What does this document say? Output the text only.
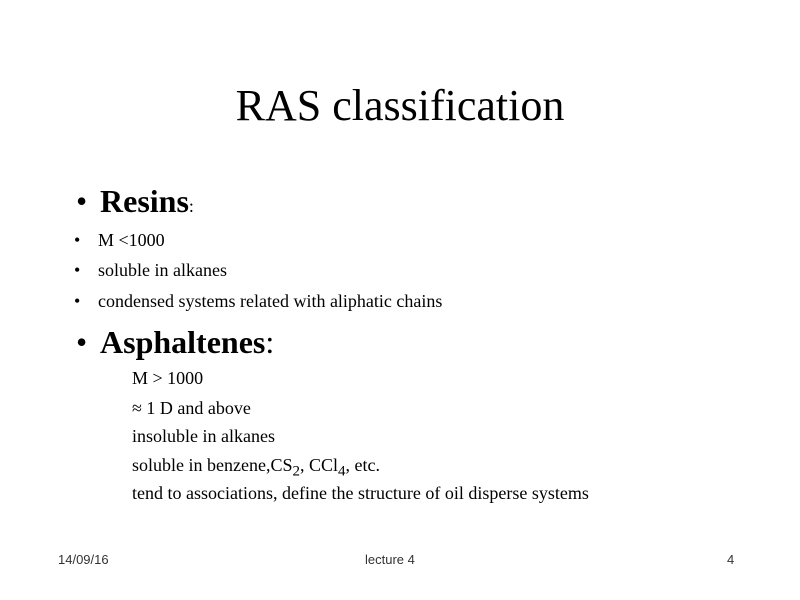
RAS classification
• Resins:
• M <1000
• soluble in alkanes
• condensed systems related with aliphatic chains
• Asphaltenes:
M > 1000
≈ 1 D and above
insoluble in alkanes
soluble in $benzene,CS_2$, CCl$_4$, etc.
tend to associations, define the structure of oil disperse systems
14/09/16	lecture 4	4
